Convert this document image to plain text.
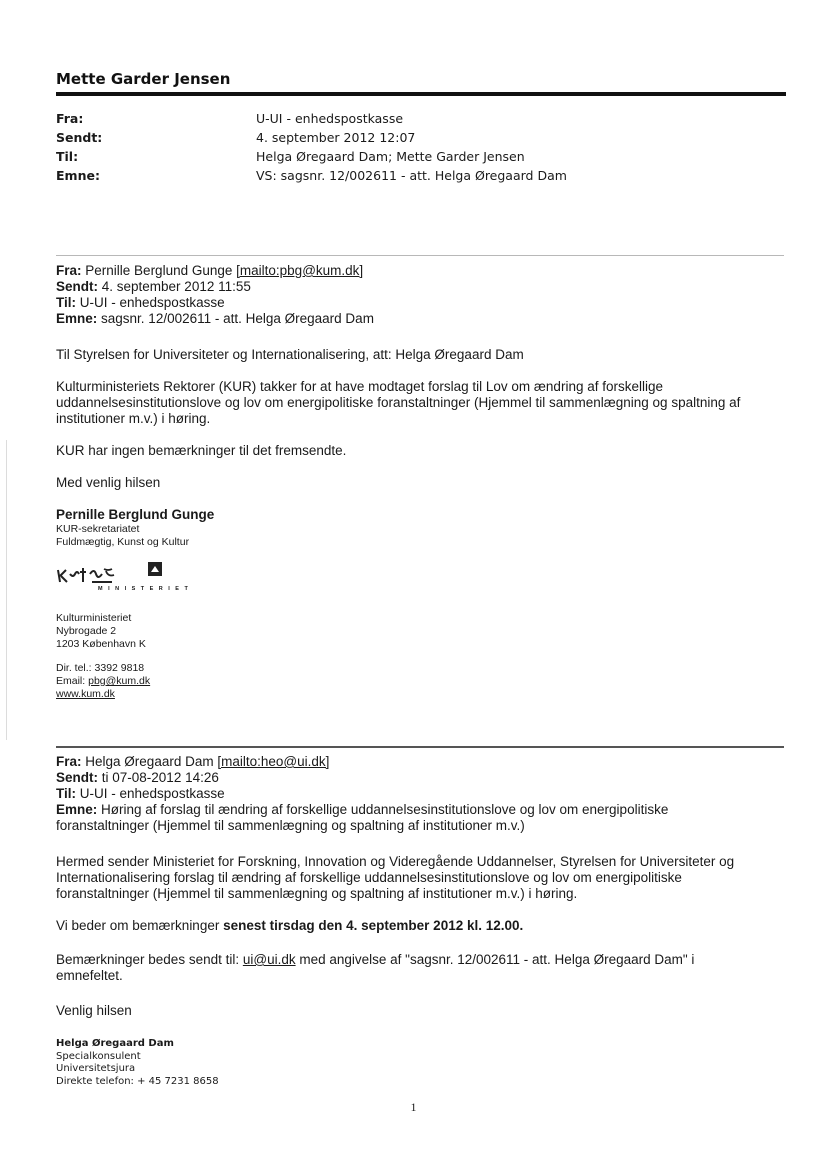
Mette Garder Jensen
Fra:	U-UI - enhedspostkasse
Sendt:	4. september 2012 12:07
Til:	Helga Øregaard Dam; Mette Garder Jensen
Emne:	VS: sagsnr. 12/002611 - att. Helga Øregaard Dam
Fra: Pernille Berglund Gunge [mailto:pbg@kum.dk]
Sendt: 4. september 2012 11:55
Til: U-UI - enhedspostkasse
Emne: sagsnr. 12/002611 - att. Helga Øregaard Dam

Til Styrelsen for Universiteter og Internationalisering, att: Helga Øregaard Dam

Kulturministeriets Rektorer (KUR) takker for at have modtaget forslag til Lov om ændring af forskellige uddannelsesinstitutionslove og lov om energipolitiske foranstaltninger (Hjemmel til sammenlægning og spaltning af institutioner m.v.) i høring.

KUR har ingen bemærkninger til det fremsendte.

Med venlig hilsen

Pernille Berglund Gunge
KUR-sekretariatet
Fuldmægtig, Kunst og Kultur
MINISTERIET
Kulturministeriet
Nybrogade 2
1203 København K
Dir. tel.: 3392 9818
Email: pbg@kum.dk
www.kum.dk
Fra: Helga Øregaard Dam [mailto:heo@ui.dk]
Sendt: ti 07-08-2012 14:26
Til: U-UI - enhedspostkasse
Emne: Høring af forslag til ændring af forskellige uddannelsesinstitutionslove og lov om energipolitiske foranstaltninger (Hjemmel til sammenlægning og spaltning af institutioner m.v.)

Hermed sender Ministeriet for Forskning, Innovation og Videregående Uddannelser, Styrelsen for Universiteter og Internationalisering forslag til ændring af forskellige uddannelsesinstitutionslove og lov om energipolitiske foranstaltninger (Hjemmel til sammenlægning og spaltning af institutioner m.v.) i høring.

Vi beder om bemærkninger senest tirsdag den 4. september 2012 kl. 12.00.

Bemærkninger bedes sendt til: ui@ui.dk med angivelse af "sagsnr. 12/002611 - att. Helga Øregaard Dam" i emnefeltet.

Venlig hilsen

Helga Øregaard Dam
Specialkonsulent
Universitetsjura
Direkte telefon: + 45 7231 8658
1
